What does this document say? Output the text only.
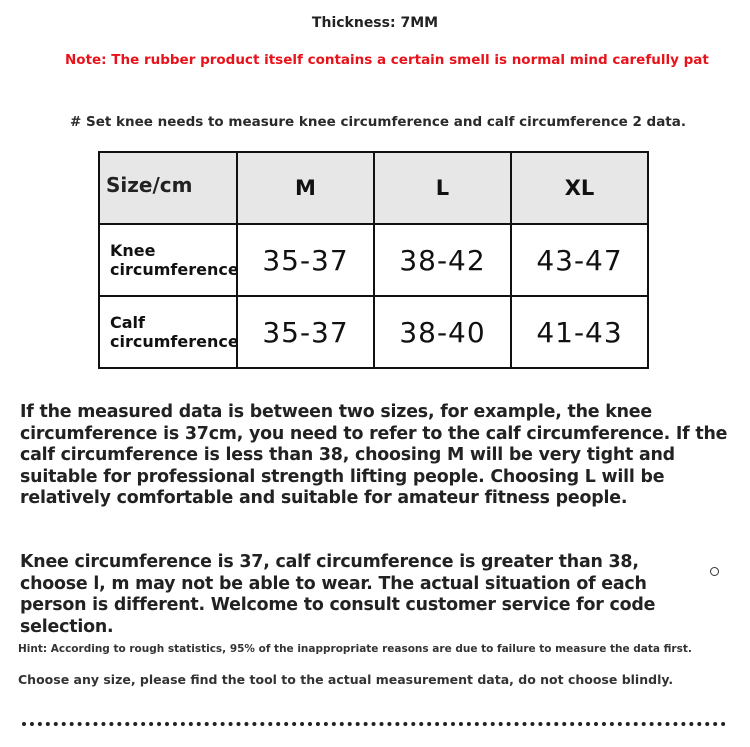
Thickness: 7MM
Note: The rubber product itself contains a certain smell is normal mind carefully pat
# Set knee needs to measure knee circumference and calf circumference 2 data.
Size/cm	M	L	XL

Knee
circumference	35-37	38-42	43-47

Calf
circumference	35-37	38-40	41-43

If the measured data is between two sizes, for example, the knee circumference is 37cm, you need to refer to the calf circumference. If the calf circumference is less than 38, choosing M will be very tight and suitable for professional strength lifting people. Choosing L will be relatively comfortable and suitable for amateur fitness people.

Knee circumference is 37, calf circumference is greater than 38, choose l, m may not be able to wear. The actual situation of each person is different. Welcome to consult customer service for code selection.

Hint: According to rough statistics, 95% of the inappropriate reasons are due to failure to measure the data first.
Choose any size, please find the tool to the actual measurement data, do not choose blindly.
